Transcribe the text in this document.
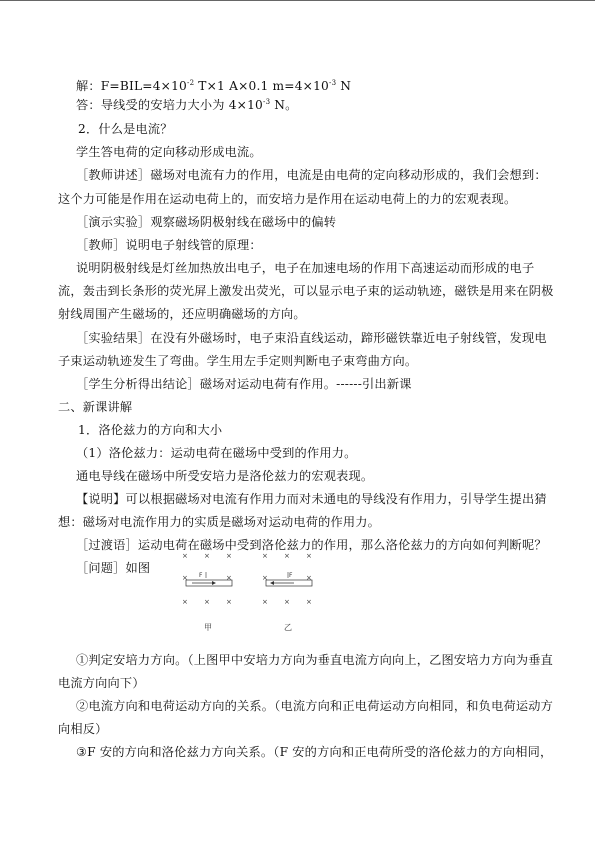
解：$F=BIL=4\times 10^{-2}$ T×1 A×0.1 $m=4\times 10^{-3}$ N
答：导线受的安培力大小为 $4\times 10^{-3}$ N。
2．什么是电流？
学生答电荷的定向移动形成电流。
［教师讲述］磁场对电流有力的作用，电流是由电荷的定向移动形成的，我们会想到：
这个力可能是作用在运动电荷上的，而安培力是作用在运动电荷上的力的宏观表现。
［演示实验］观察磁场阴极射线在磁场中的偏转
［教师］说明电子射线管的原理：
说明阴极射线是灯丝加热放出电子，电子在加速电场的作用下高速运动而形成的电子
流，轰击到长条形的荧光屏上激发出荧光，可以显示电子束的运动轨迹，磁铁是用来在阴极
射线周围产生磁场的，还应明确磁场的方向。
［实验结果］在没有外磁场时，电子束沿直线运动，蹄形磁铁靠近电子射线管，发现电
子束运动轨迹发生了弯曲。学生用左手定则判断电子束弯曲方向。
［学生分析得出结论］磁场对运动电荷有作用。------引出新课
二、新课讲解
1．洛伦兹力的方向和大小
（1）洛伦兹力：运动电荷在磁场中受到的作用力。
通电导线在磁场中所受安培力是洛伦兹力的宏观表现。
【说明】可以根据磁场对电流有作用力而对未通电的导线没有作用力，引导学生提出猜
想：磁场对电流作用力的实质是磁场对运动电荷的作用力。
［过渡语］运动电荷在磁场中受到洛伦兹力的作用，那么洛伦兹力的方向如何判断呢？
［问题］如图
× × ×	× × ×
×	×	×	×
× × ×	× × ×
F	F
甲	乙
①判定安培力方向。（上图甲中安培力方向为垂直电流方向向上，乙图安培力方向为垂直
电流方向向下）
②电流方向和电荷运动方向的关系。（电流方向和正电荷运动方向相同，和负电荷运动方
向相反）
③F 安的方向和洛伦兹力方向关系。（F 安的方向和正电荷所受的洛伦兹力的方向相同，
